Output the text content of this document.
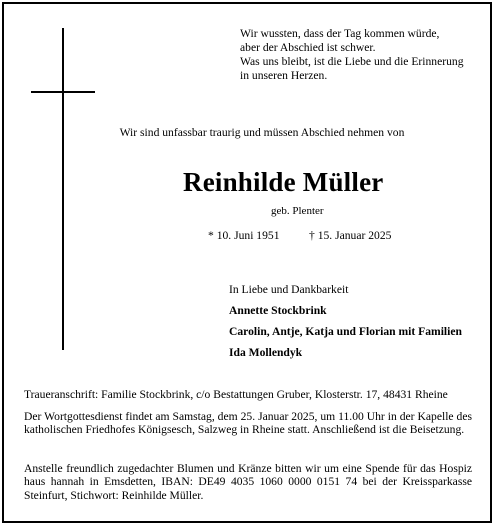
Wir wussten, dass der Tag kommen würde,
aber der Abschied ist schwer.
Was uns bleibt, ist die Liebe und die Erinnerung
in unseren Herzen.
Wir sind unfassbar traurig und müssen Abschied nehmen von
Reinhilde Müller
geb. Plenter
* 10. Juni 1951	† 15. Januar 2025
In Liebe und Dankbarkeit
Annette Stockbrink
Carolin, Antje, Katja und Florian mit Familien
Ida Mollendyk
Traueranschrift: Familie Stockbrink, c/o Bestattungen Gruber, Klosterstr. 17, 48431 Rheine
Der Wortgottesdienst findet am Samstag, dem 25. Januar 2025, um 11.00 Uhr in der Kapelle des katholischen Friedhofes Königsesch, Salzweg in Rheine statt. Anschließend ist die Beisetzung.
Anstelle freundlich zugedachter Blumen und Kränze bitten wir um eine Spende für das Hospiz haus hannah in Emsdetten, IBAN: DE49 4035 1060 0000 0151 74 bei der Kreissparkasse Steinfurt, Stichwort: Reinhilde Müller.
